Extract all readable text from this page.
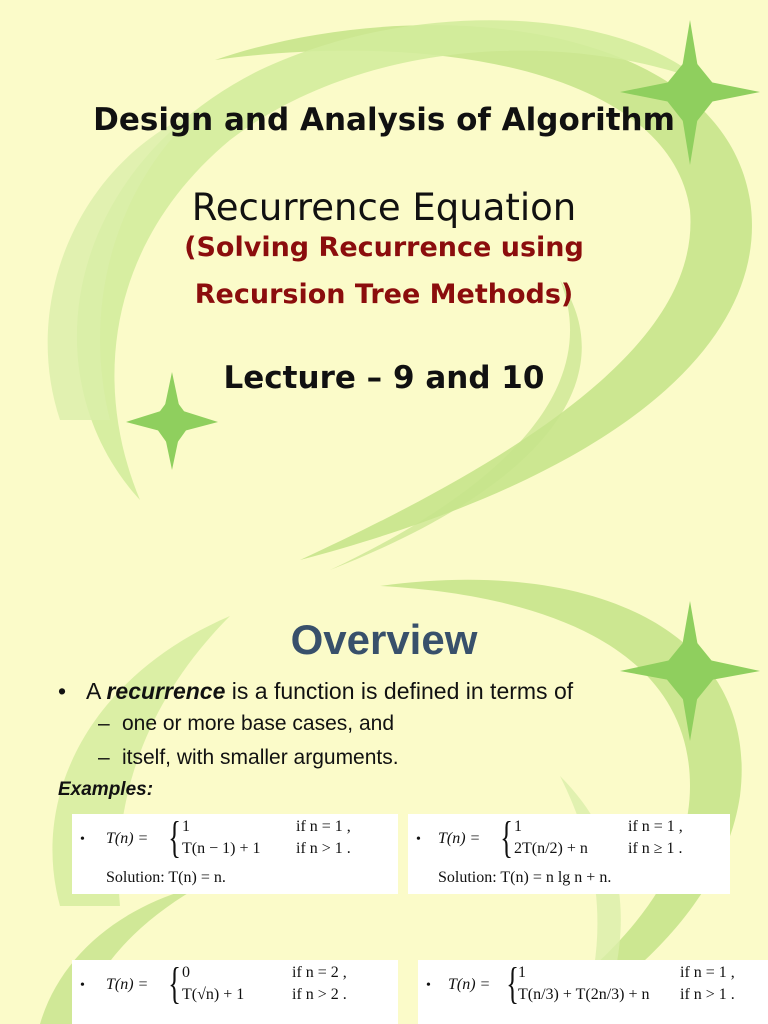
Design and Analysis of Algorithm
Recurrence Equation
(Solving Recurrence using
Recursion Tree Methods)
Lecture – 9 and 10
Overview
• A recurrence is a function is defined in terms of
– one or more base cases, and
– itself, with smaller arguments.
Examples:
• T(n) = { 1	if n = 1 ,
T(n − 1) + 1 if n > 1 .
Solution: T(n) = n.
• T(n) = { 1	if n = 1 ,
2T(n/2) + n	if n ≥ 1 .
Solution: T(n) = n lg n + n.
• T(n) = { 0	if n = 2 ,
T(√n) + 1	if n > 2 .
• T(n) = { 1	if n = 1 ,
T(n/3) + T(2n/3) + n if n > 1 .
